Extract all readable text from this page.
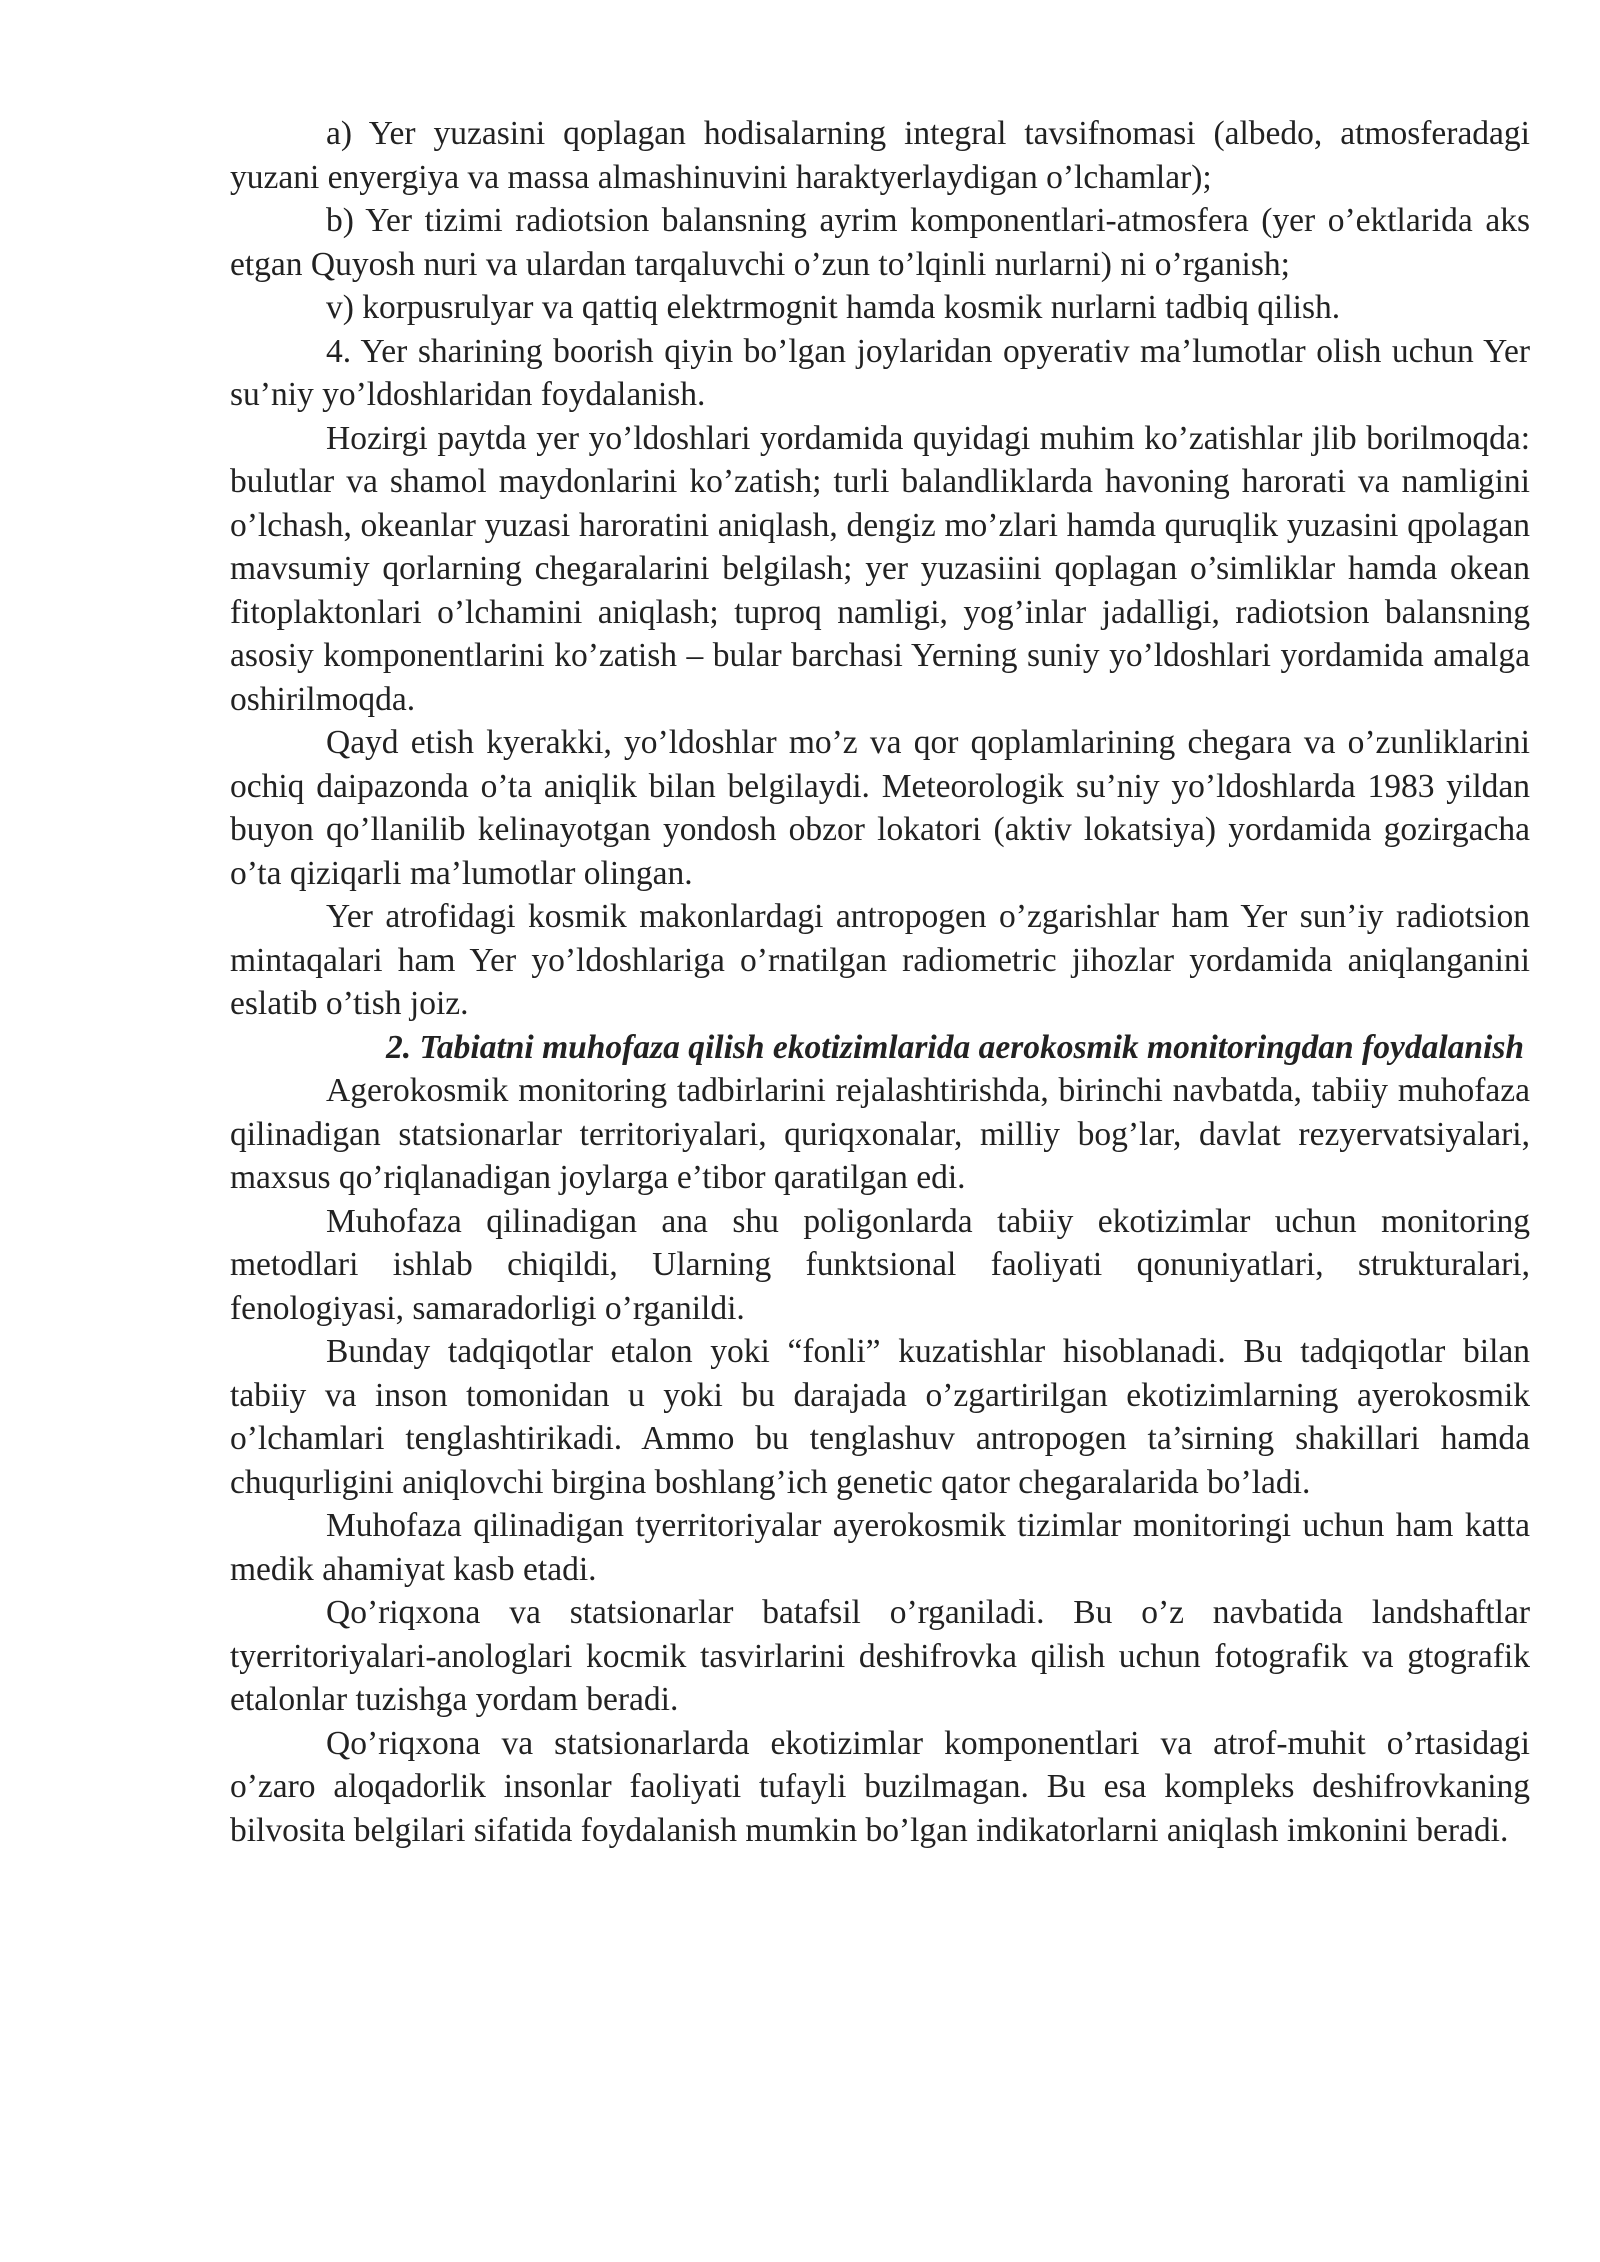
a) Yer yuzasini qoplagan hodisalarning integral tavsifnomasi (albedo, atmosferadagi yuzani enyergiya va massa almashinuvini haraktyerlaydigan o’lchamlar);

b) Yer tizimi radiotsion balansning ayrim komponentlari-atmosfera (yer o’ektlarida aks etgan Quyosh nuri va ulardan tarqaluvchi o’zun to’lqinli nurlarni) ni o’rganish;

v) korpusrulyar va qattiq elektrmognit hamda kosmik nurlarni tadbiq qilish.

4. Yer sharining boorish qiyin bo’lgan joylaridan opyerativ ma’lumotlar olish uchun Yer su’niy yo’ldoshlaridan foydalanish.

Hozirgi paytda yer yo’ldoshlari yordamida quyidagi muhim ko’zatishlar jlib borilmoqda: bulutlar va shamol maydonlarini ko’zatish; turli balandliklarda havoning harorati va namligini o’lchash, okeanlar yuzasi haroratini aniqlash, dengiz mo’zlari hamda quruqlik yuzasini qpolagan mavsumiy qorlarning chegaralarini belgilash; yer yuzasiini qoplagan o’simliklar hamda okean fitoplaktonlari o’lchamini aniqlash; tuproq namligi, yog’inlar jadalligi, radiotsion balansning asosiy komponentlarini ko’zatish – bular barchasi Yerning suniy yo’ldoshlari yordamida amalga oshirilmoqda.

Qayd etish kyerakki, yo’ldoshlar mo’z va qor qoplamlarining chegara va o’zunliklarini ochiq daipazonda o’ta aniqlik bilan belgilaydi. Meteorologik su’niy yo’ldoshlarda 1983 yildan buyon qo’llanilib kelinayotgan yondosh obzor lokatori (aktiv lokatsiya) yordamida gozirgacha o’ta qiziqarli ma’lumotlar olingan.

Yer atrofidagi kosmik makonlardagi antropogen o’zgarishlar ham Yer sun’iy radiotsion mintaqalari ham Yer yo’ldoshlariga o’rnatilgan radiometric jihozlar yordamida aniqlanganini eslatib o’tish joiz.

2. Tabiatni muhofaza qilish ekotizimlarida aerokosmik monitoringdan foydalanish

Agerokosmik monitoring tadbirlarini rejalashtirishda, birinchi navbatda, tabiiy muhofaza qilinadigan statsionarlar territoriyalari, quriqxonalar, milliy bog’lar, davlat rezyervatsiyalari, maxsus qo’riqlanadigan joylarga e’tibor qaratilgan edi.

Muhofaza qilinadigan ana shu poligonlarda tabiiy ekotizimlar uchun monitoring metodlari ishlab chiqildi, Ularning funktsional faoliyati qonuniyatlari, strukturalari, fenologiyasi, samaradorligi o’rganildi.

Bunday tadqiqotlar etalon yoki “fonli” kuzatishlar hisoblanadi. Bu tadqiqotlar bilan tabiiy va inson tomonidan u yoki bu darajada o’zgartirilgan ekotizimlarning ayerokosmik o’lchamlari tenglashtirikadi. Ammo bu tenglashuv antropogen ta’sirning shakillari hamda chuqurligini aniqlovchi birgina boshlang’ich genetic qator chegaralarida bo’ladi.

Muhofaza qilinadigan tyerritoriyalar ayerokosmik tizimlar monitoringi uchun ham katta medik ahamiyat kasb etadi.

Qo’riqxona va statsionarlar batafsil o’rganiladi. Bu o’z navbatida landshaftlar tyerritoriyalari-anologlari kocmik tasvirlarini deshifrovka qilish uchun fotografik va gtografik etalonlar tuzishga yordam beradi.

Qo’riqxona va statsionarlarda ekotizimlar komponentlari va atrof-muhit o’rtasidagi o’zaro aloqadorlik insonlar faoliyati tufayli buzilmagan. Bu esa kompleks deshifrovkaning bilvosita belgilari sifatida foydalanish mumkin bo’lgan indikatorlarni aniqlash imkonini beradi.
